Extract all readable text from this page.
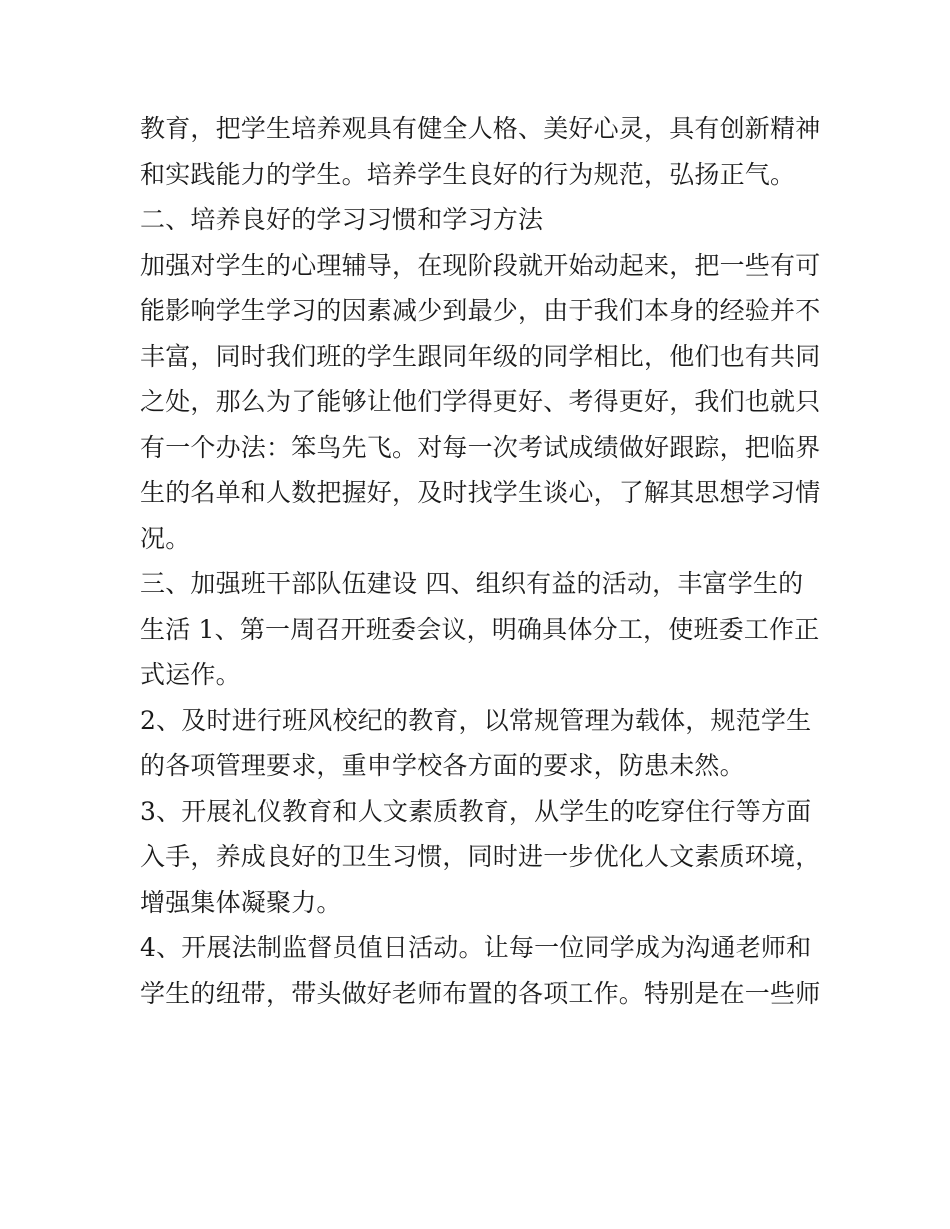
教育，把学生培养观具有健全人格、美好心灵，具有创新精神
和实践能力的学生。培养学生良好的行为规范，弘扬正气。
二、培养良好的学习习惯和学习方法
加强对学生的心理辅导，在现阶段就开始动起来，把一些有可
能影响学生学习的因素减少到最少，由于我们本身的经验并不
丰富，同时我们班的学生跟同年级的同学相比，他们也有共同
之处，那么为了能够让他们学得更好、考得更好，我们也就只
有一个办法：笨鸟先飞。对每一次考试成绩做好跟踪，把临界
生的名单和人数把握好，及时找学生谈心，了解其思想学习情
况。
三、加强班干部队伍建设 四、组织有益的活动，丰富学生的
生活 1、第一周召开班委会议，明确具体分工，使班委工作正
式运作。
2、及时进行班风校纪的教育，以常规管理为载体，规范学生
的各项管理要求，重申学校各方面的要求，防患未然。
3、开展礼仪教育和人文素质教育，从学生的吃穿住行等方面
入手，养成良好的卫生习惯，同时进一步优化人文素质环境，
增强集体凝聚力。
4、开展法制监督员值日活动。让每一位同学成为沟通老师和
学生的纽带，带头做好老师布置的各项工作。特别是在一些师
